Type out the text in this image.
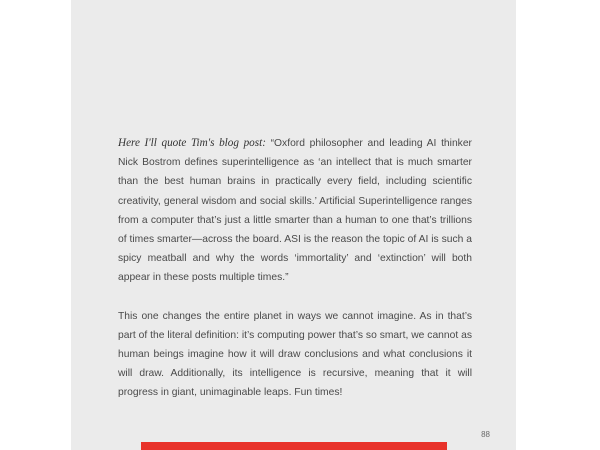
Here I'll quote Tim's blog post: “Oxford philosopher and leading AI thinker Nick Bostrom defines superintelligence as ‘an intellect that is much smarter than the best human brains in practically every field, including scientific creativity, general wisdom and social skills.’ Artificial Superintelligence ranges from a computer that’s just a little smarter than a human to one that’s trillions of times smarter—across the board. ASI is the reason the topic of AI is such a spicy meatball and why the words ‘immortality’ and ‘extinction’ will both appear in these posts multiple times.”

This one changes the entire planet in ways we cannot imagine. As in that’s part of the literal definition: it’s computing power that’s so smart, we cannot as human beings imagine how it will draw conclusions and what conclusions it will draw. Additionally, its intelligence is recursive, meaning that it will progress in giant, unimaginable leaps. Fun times!

88
